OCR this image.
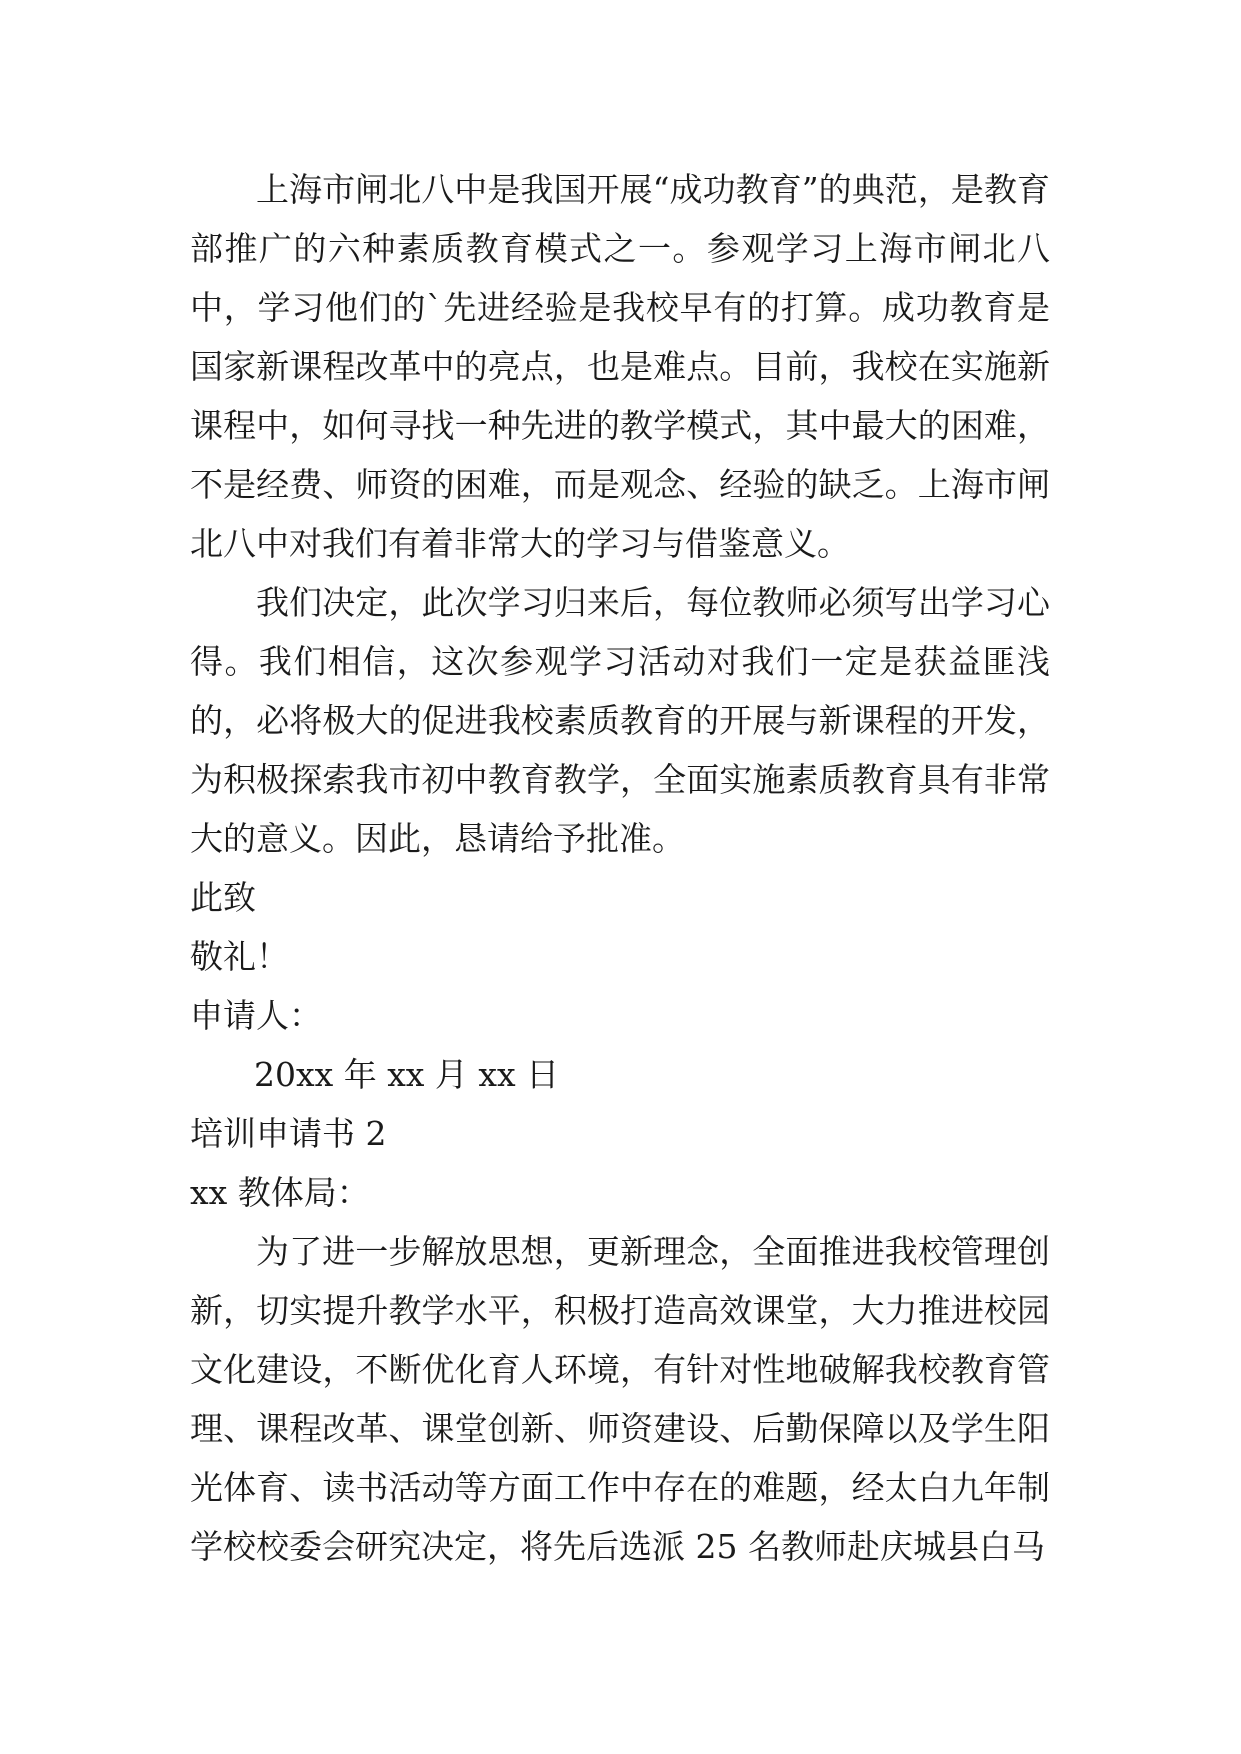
上海市闸北八中是我国开展“成功教育”的典范，是教育部推广的六种素质教育模式之一。参观学习上海市闸北八中，学习他们的`先进经验是我校早有的打算。成功教育是国家新课程改革中的亮点，也是难点。目前，我校在实施新课程中，如何寻找一种先进的教学模式，其中最大的困难，不是经费、师资的困难，而是观念、经验的缺乏。上海市闸北八中对我们有着非常大的学习与借鉴意义。

我们决定，此次学习归来后，每位教师必须写出学习心得。我们相信，这次参观学习活动对我们一定是获益匪浅的，必将极大的促进我校素质教育的开展与新课程的开发，为积极探索我市初中教育教学，全面实施素质教育具有非常大的意义。因此，恳请给予批准。

此致

敬礼！

申请人：

20xx 年 xx 月 xx 日

培训申请书 2

xx 教体局：

为了进一步解放思想，更新理念，全面推进我校管理创新，切实提升教学水平，积极打造高效课堂，大力推进校园文化建设，不断优化育人环境，有针对性地破解我校教育管理、课程改革、课堂创新、师资建设、后勤保障以及学生阳光体育、读书活动等方面工作中存在的难题，经太白九年制学校校委会研究决定，将先后选派 25 名教师赴庆城县白马
